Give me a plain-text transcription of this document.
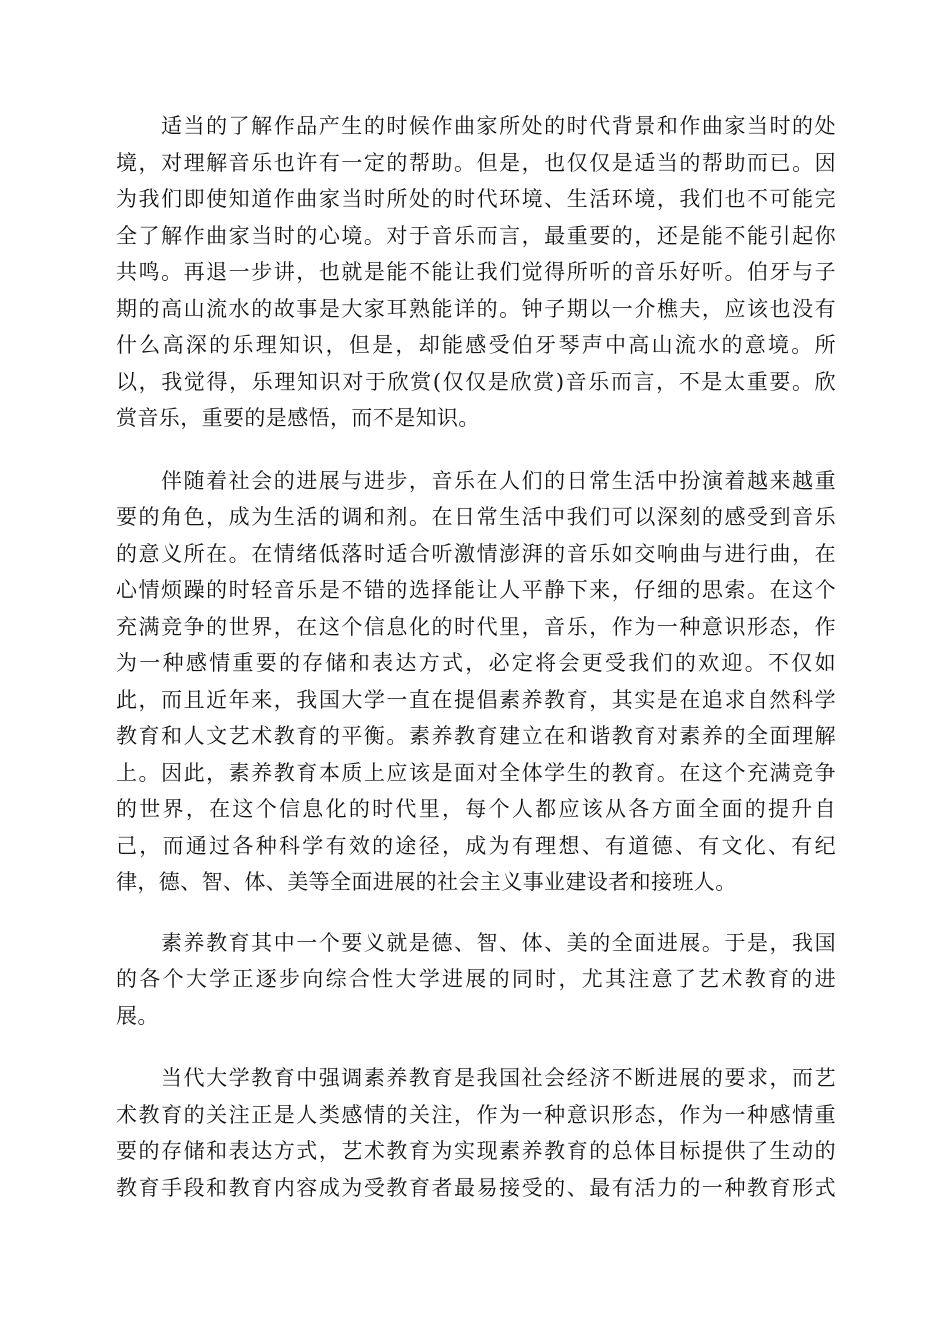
适当的了解作品产生的时候作曲家所处的时代背景和作曲家当时的处
境，对理解音乐也许有一定的帮助。但是，也仅仅是适当的帮助而已。因
为我们即使知道作曲家当时所处的时代环境、生活环境，我们也不可能完
全了解作曲家当时的心境。对于音乐而言，最重要的，还是能不能引起你
共鸣。再退一步讲，也就是能不能让我们觉得所听的音乐好听。伯牙与子
期的高山流水的故事是大家耳熟能详的。钟子期以一介樵夫，应该也没有
什么高深的乐理知识，但是，却能感受伯牙琴声中高山流水的意境。所
以，我觉得，乐理知识对于欣赏(仅仅是欣赏)音乐而言，不是太重要。欣
赏音乐，重要的是感悟，而不是知识。
伴随着社会的进展与进步，音乐在人们的日常生活中扮演着越来越重
要的角色，成为生活的调和剂。在日常生活中我们可以深刻的感受到音乐
的意义所在。在情绪低落时适合听激情澎湃的音乐如交响曲与进行曲，在
心情烦躁的时轻音乐是不错的选择能让人平静下来，仔细的思索。在这个
充满竞争的世界，在这个信息化的时代里，音乐，作为一种意识形态，作
为一种感情重要的存储和表达方式，必定将会更受我们的欢迎。不仅如
此，而且近年来，我国大学一直在提倡素养教育，其实是在追求自然科学
教育和人文艺术教育的平衡。素养教育建立在和谐教育对素养的全面理解
上。因此，素养教育本质上应该是面对全体学生的教育。在这个充满竞争
的世界，在这个信息化的时代里，每个人都应该从各方面全面的提升自
己，而通过各种科学有效的途径，成为有理想、有道德、有文化、有纪
律，德、智、体、美等全面进展的社会主义事业建设者和接班人。
素养教育其中一个要义就是德、智、体、美的全面进展。于是，我国
的各个大学正逐步向综合性大学进展的同时，尤其注意了艺术教育的进
展。
当代大学教育中强调素养教育是我国社会经济不断进展的要求，而艺
术教育的关注正是人类感情的关注，作为一种意识形态，作为一种感情重
要的存储和表达方式，艺术教育为实现素养教育的总体目标提供了生动的
教育手段和教育内容成为受教育者最易接受的、最有活力的一种教育形式
